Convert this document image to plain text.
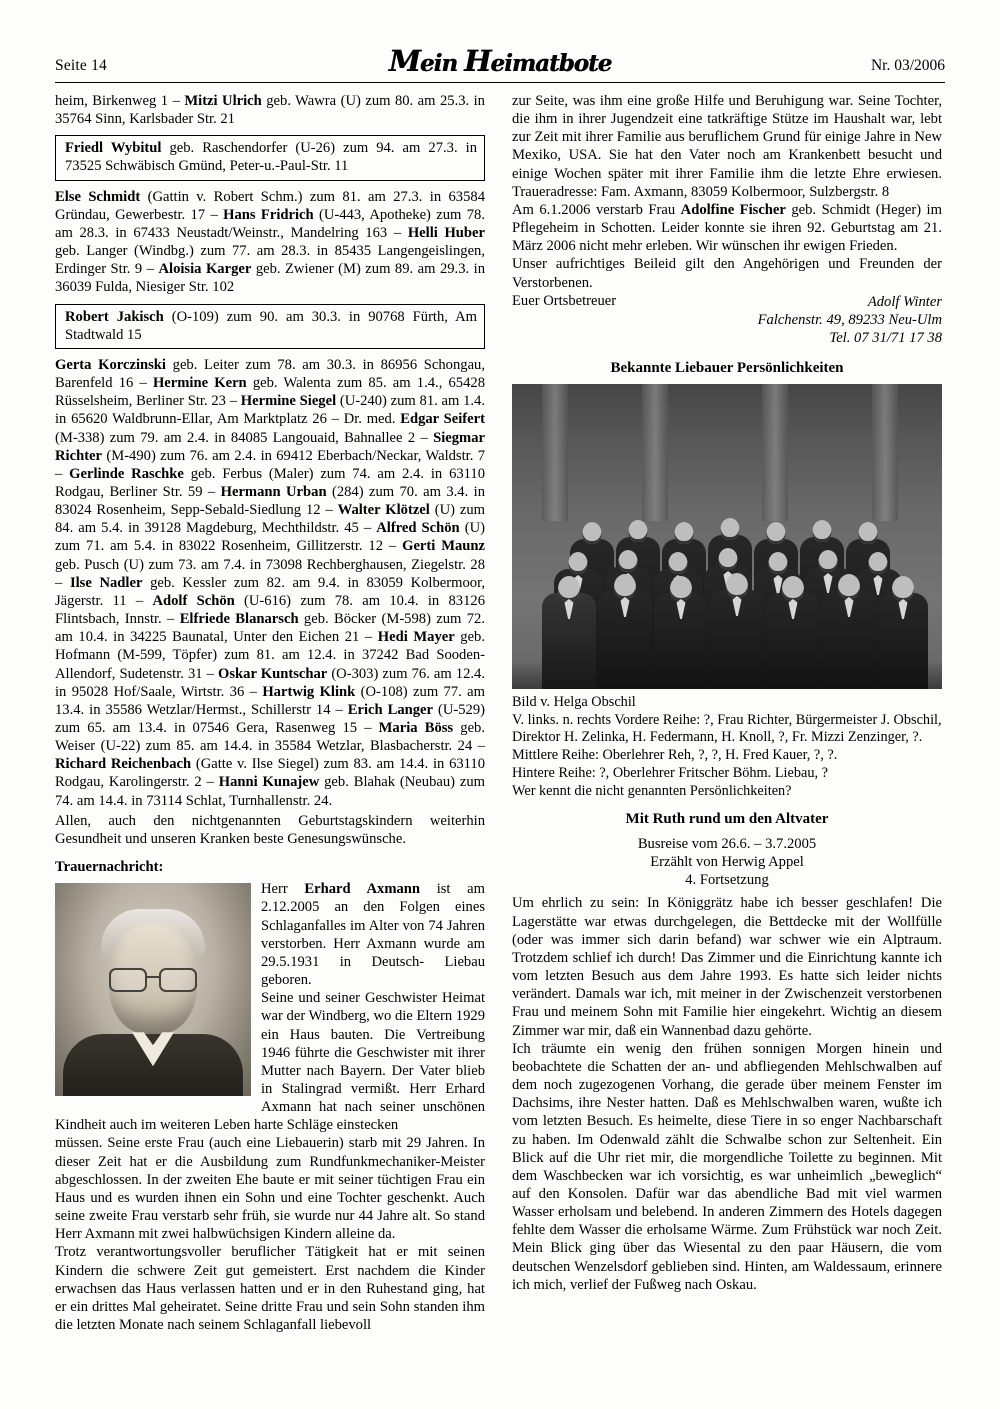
Seite 14	Mein Heimatbote	Nr. 03/2006

heim, Birkenweg 1 – Mitzi Ulrich geb. Wawra (U) zum 80. am 25.3. in 35764 Sinn, Karlsbader Str. 21

Friedl Wybitul geb. Raschendorfer (U-26) zum 94. am 27.3. in 73525 Schwäbisch Gmünd, Peter-u.-Paul-Str. 11

Else Schmidt (Gattin v. Robert Schm.) zum 81. am 27.3. in 63584 Gründau, Gewerbestr. 17 – Hans Fridrich (U-443, Apotheke) zum 78. am 28.3. in 67433 Neustadt/Weinstr., Mandelring 163 – Helli Huber geb. Langer (Windbg.) zum 77. am 28.3. in 85435 Langengeislingen, Erdinger Str. 9 – Aloisia Karger geb. Zwiener (M) zum 89. am 29.3. in 36039 Fulda, Niesiger Str. 102

Robert Jakisch (O-109) zum 90. am 30.3. in 90768 Fürth, Am Stadtwald 15

Gerta Korczinski geb. Leiter zum 78. am 30.3. in 86956 Schongau, Barenfeld 16 – Hermine Kern geb. Walenta zum 85. am 1.4., 65428 Rüsselsheim, Berliner Str. 23 – Hermine Siegel (U-240) zum 81. am 1.4. in 65620 Waldbrunn-Ellar, Am Marktplatz 26 – Dr. med. Edgar Seifert (M-338) zum 79. am 2.4. in 84085 Langouaid, Bahnallee 2 – Siegmar Richter (M-490) zum 76. am 2.4. in 69412 Eberbach/Neckar, Waldstr. 7 – Gerlinde Raschke geb. Ferbus (Maler) zum 74. am 2.4. in 63110 Rodgau, Berliner Str. 59 – Hermann Urban (284) zum 70. am 3.4. in 83024 Rosenheim, Sepp-Sebald-Siedlung 12 – Walter Klötzel (U) zum 84. am 5.4. in 39128 Magdeburg, Mechthildstr. 45 – Alfred Schön (U) zum 71. am 5.4. in 83022 Rosenheim, Gillitzerstr. 12 – Gerti Maunz geb. Pusch (U) zum 73. am 7.4. in 73098 Rechberghausen, Ziegelstr. 28 – Ilse Nadler geb. Kessler zum 82. am 9.4. in 83059 Kolbermoor, Jägerstr. 11 – Adolf Schön (U-616) zum 78. am 10.4. in 83126 Flintsbach, Innstr. – Elfriede Blanarsch geb. Böcker (M-598) zum 72. am 10.4. in 34225 Baunatal, Unter den Eichen 21 – Hedi Mayer geb. Hofmann (M-599, Töpfer) zum 81. am 12.4. in 37242 Bad Sooden-Allendorf, Sudetenstr. 31 – Oskar Kuntschar (O-303) zum 76. am 12.4. in 95028 Hof/Saale, Wirtstr. 36 – Hartwig Klink (O-108) zum 77. am 13.4. in 35586 Wetzlar/Hermst., Schillerstr 14 – Erich Langer (U-529) zum 65. am 13.4. in 07546 Gera, Rasenweg 15 – Maria Böss geb. Weiser (U-22) zum 85. am 14.4. in 35584 Wetzlar, Blasbacherstr. 24 – Richard Reichenbach (Gatte v. Ilse Siegel) zum 83. am 14.4. in 63110 Rodgau, Karolingerstr. 2 – Hanni Kunajew geb. Blahak (Neubau) zum 74. am 14.4. in 73114 Schlat, Turnhallenstr. 24.

Allen, auch den nichtgenannten Geburtstagskindern weiterhin Gesundheit und unseren Kranken beste Genesungswünsche.

Trauernachricht:

Herr Erhard Axmann ist am 2.12.2005 an den Folgen eines Schlaganfalles im Alter von 74 Jahren verstorben. Herr Axmann wurde am 29.5.1931 in Deutsch- Liebau geboren.
Seine und seiner Geschwister Heimat war der Windberg, wo die Eltern 1929 ein Haus bauten. Die Vertreibung 1946 führte die Geschwister mit ihrer Mutter nach Bayern. Der Vater blieb in Stalingrad vermißt. Herr Erhard Axmann hat nach seiner unschönen Kindheit auch im weiteren Leben harte Schläge einstecken

müssen. Seine erste Frau (auch eine Liebauerin) starb mit 29 Jahren. In dieser Zeit hat er die Ausbildung zum Rundfunkmechaniker-Meister abgeschlossen. In der zweiten Ehe baute er mit seiner tüchtigen Frau ein Haus und es wurden ihnen ein Sohn und eine Tochter geschenkt. Auch seine zweite Frau verstarb sehr früh, sie wurde nur 44 Jahre alt. So stand Herr Axmann mit zwei halbwüchsigen Kindern alleine da.

Trotz verantwortungsvoller beruflicher Tätigkeit hat er mit seinen Kindern die schwere Zeit gut gemeistert. Erst nachdem die Kinder erwachsen das Haus verlassen hatten und er in den Ruhestand ging, hat er ein drittes Mal geheiratet. Seine dritte Frau und sein Sohn standen ihm die letzten Monate nach seinem Schlaganfall liebevoll

zur Seite, was ihm eine große Hilfe und Beruhigung war. Seine Tochter, die ihm in ihrer Jugendzeit eine tatkräftige Stütze im Haushalt war, lebt zur Zeit mit ihrer Familie aus beruflichem Grund für einige Jahre in New Mexiko, USA. Sie hat den Vater noch am Krankenbett besucht und einige Wochen später mit ihrer Familie ihm die letzte Ehre erwiesen. Traueradresse: Fam. Axmann, 83059 Kolbermoor, Sulzbergstr. 8

Am 6.1.2006 verstarb Frau Adolfine Fischer geb. Schmidt (Heger) im Pflegeheim in Schotten. Leider konnte sie ihren 92. Geburtstag am 21. März 2006 nicht mehr erleben. Wir wünschen ihr ewigen Frieden.

Unser aufrichtiges Beileid gilt den Angehörigen und Freunden der Verstorbenen.

Euer Ortsbetreuer	Adolf Winter

Falchenstr. 49, 89233 Neu-Ulm

Tel. 07 31/71 17 38

Bekannte Liebauer Persönlichkeiten
Bild v. Helga Obschil
V. links. n. rechts Vordere Reihe: ?, Frau Richter, Bürgermeister J. Obschil, Direktor H. Zelinka, H. Federmann, H. Knoll, ?, Fr. Mizzi Zenzinger, ?.
Mittlere Reihe: Oberlehrer Reh, ?, ?, H. Fred Kauer, ?, ?.
Hintere Reihe: ?, Oberlehrer Fritscher Böhm. Liebau, ?
Wer kennt die nicht genannten Persönlichkeiten?
Mit Ruth rund um den Altvater
Busreise vom 26.6. – 3.7.2005
Erzählt von Herwig Appel
4. Fortsetzung

Um ehrlich zu sein: In Königgrätz habe ich besser geschlafen! Die Lagerstätte war etwas durchgelegen, die Bettdecke mit der Wollfülle (oder was immer sich darin befand) war schwer wie ein Alptraum. Trotzdem schlief ich durch! Das Zimmer und die Einrichtung kannte ich vom letzten Besuch aus dem Jahre 1993. Es hatte sich leider nichts verändert. Damals war ich, mit meiner in der Zwischenzeit verstorbenen Frau und meinem Sohn mit Familie hier eingekehrt. Wichtig an diesem Zimmer war mir, daß ein Wannenbad dazu gehörte.

Ich träumte ein wenig den frühen sonnigen Morgen hinein und beobachtete die Schatten der an- und abfliegenden Mehlschwalben auf dem noch zugezogenen Vorhang, die gerade über meinem Fenster im Dachsims, ihre Nester hatten. Daß es Mehlschwalben waren, wußte ich vom letzten Besuch. Es heimelte, diese Tiere in so enger Nachbarschaft zu haben. Im Odenwald zählt die Schwalbe schon zur Seltenheit. Ein Blick auf die Uhr riet mir, die morgendliche Toilette zu beginnen. Mit dem Waschbecken war ich vorsichtig, es war unheimlich „beweglich“ auf den Konsolen. Dafür war das abendliche Bad mit viel warmen Wasser erholsam und belebend. In anderen Zimmern des Hotels dagegen fehlte dem Wasser die erholsame Wärme. Zum Frühstück war noch Zeit. Mein Blick ging über das Wiesental zu den paar Häusern, die vom deutschen Wenzelsdorf geblieben sind. Hinten, am Waldessaum, erinnere ich mich, verlief der Fußweg nach Oskau.
